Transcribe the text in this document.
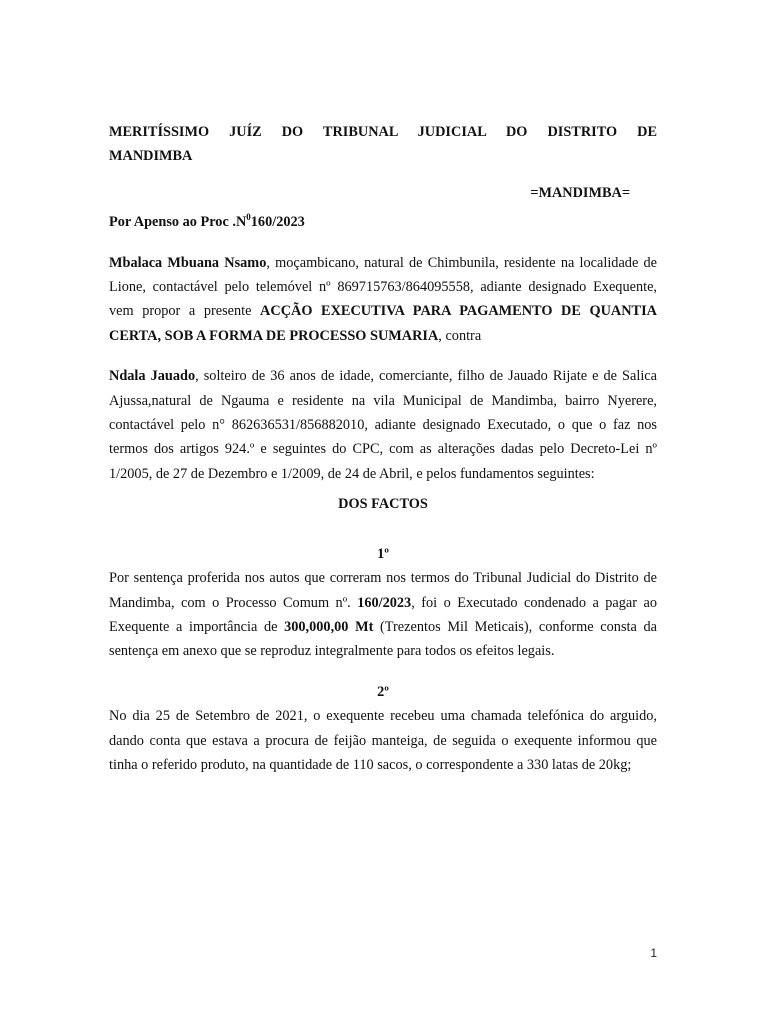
MERITÍSSIMO JUÍZ DO TRIBUNAL JUDICIAL DO DISTRITO DE

MANDIMBA

=MANDIMBA=

Por Apenso ao Proc $.N^0160/2023$

Mbalaca Mbuana Nsamo, moçambicano, natural de Chimbunila, residente na localidade de Lione, contactável pelo telemóvel nº 869715763/864095558, adiante designado Exequente, vem propor a presente ACÇÃO EXECUTIVA PARA PAGAMENTO DE QUANTIA CERTA, SOB A FORMA DE PROCESSO SUMARIA, contra

Ndala Jauado, solteiro de 36 anos de idade, comerciante, filho de Jauado Rijate e de Salica Ajussa,natural de Ngauma e residente na vila Municipal de Mandimba, bairro Nyerere, contactável pelo n° 862636531/856882010, adiante designado Executado, o que o faz nos termos dos artigos 924.º e seguintes do CPC, com as alterações dadas pelo Decreto-Lei nº 1/2005, de 27 de Dezembro e 1/2009, de 24 de Abril, e pelos fundamentos seguintes:

DOS FACTOS

1º

Por sentença proferida nos autos que correram nos termos do Tribunal Judicial do Distrito de Mandimba, com o Processo Comum nº. 160/2023, foi o Executado condenado a pagar ao Exequente a importância de 300,000,00 Mt (Trezentos Mil Meticais), conforme consta da sentença em anexo que se reproduz integralmente para todos os efeitos legais.

2º

No dia 25 de Setembro de 2021, o exequente recebeu uma chamada telefónica do arguido, dando conta que estava a procura de feijão manteiga, de seguida o exequente informou que tinha o referido produto, na quantidade de 110 sacos, o correspondente a 330 latas de 20kg;

1
